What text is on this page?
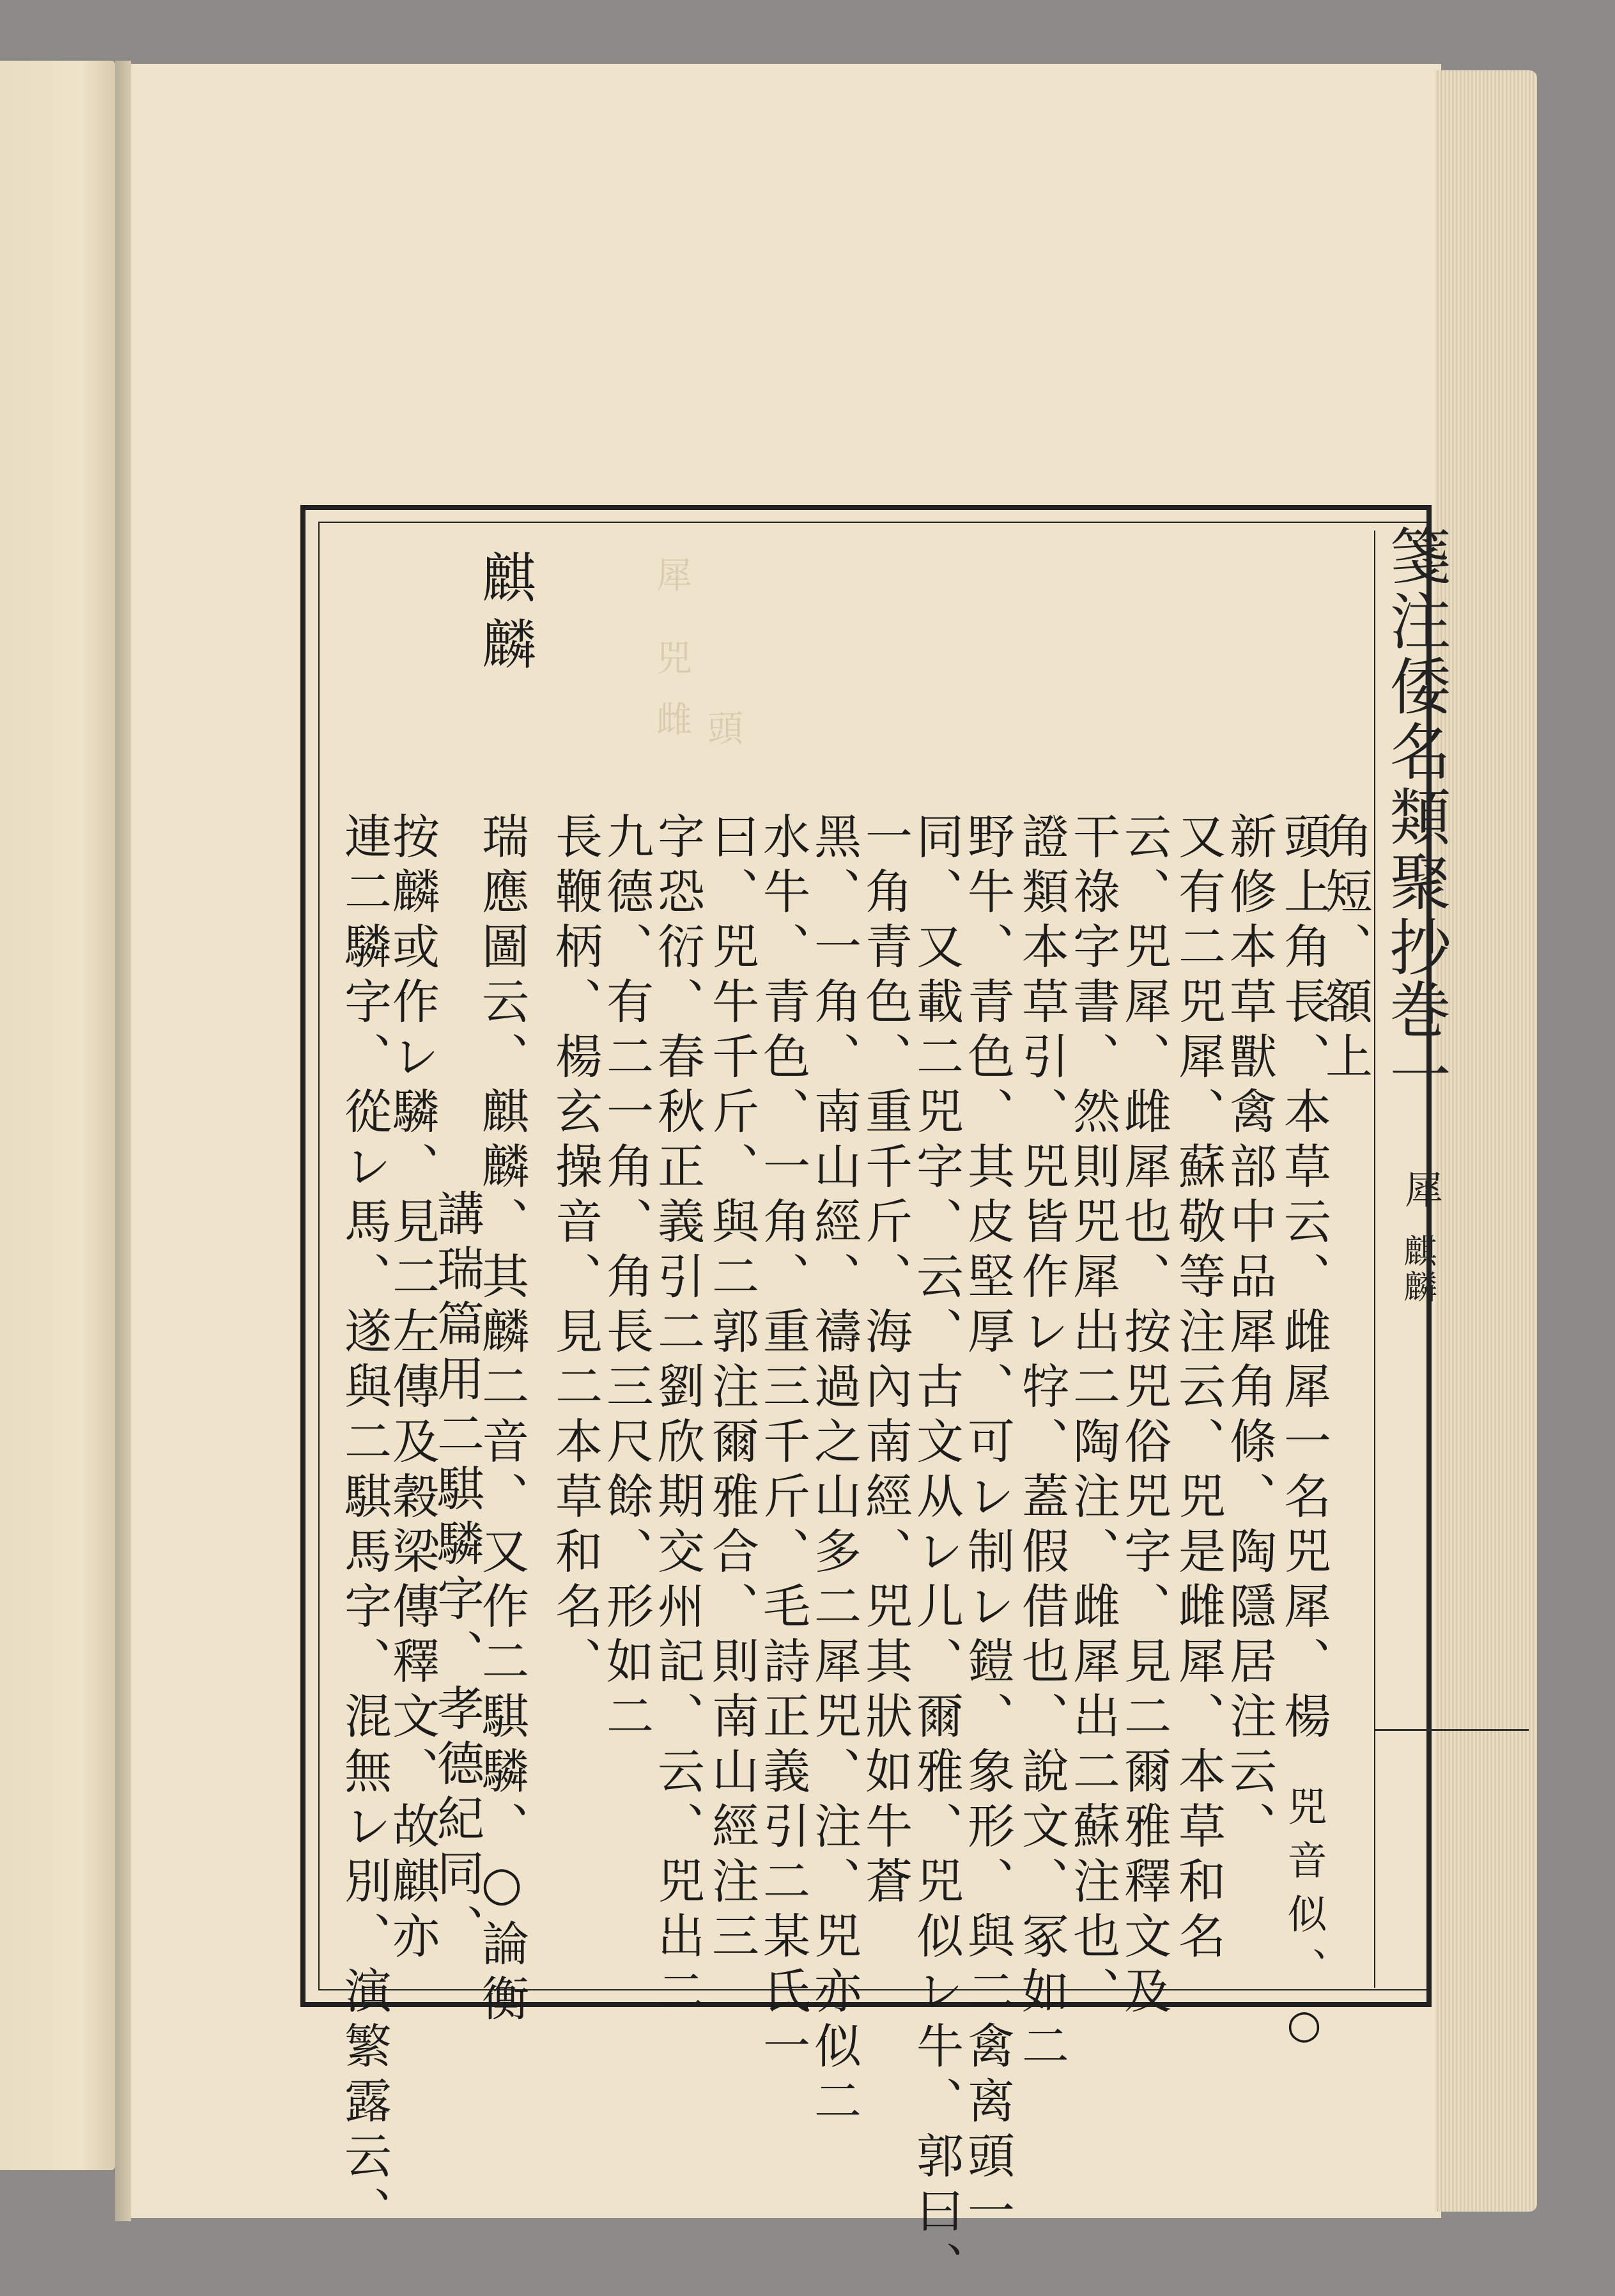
箋注倭名類聚抄
巻一
犀
麒麟
犀
兕雌 頭
麒麟
角短、額上
頭上角長、本草云、雌犀一名兕犀、楊
　兕音似、○
新修本草獸禽部中品犀角條、陶隱居注云、
又有二兕犀、蘇敬等注云、兕是雌犀、本草和名
云、兕犀、雌犀也、按兕俗兕字、見二爾雅釋文及
干祿字書、然則兕犀出二陶注、雌犀出二蘇注也、
證類本草引、兕皆作レ牸、蓋假借也、說文、冢如二
野牛、青色、其皮堅厚、可レ制レ鎧、象形、與二禽离頭一
同、又載二兕字、云、古文从レ儿、爾雅、兕似レ牛、郭曰、
一角青色、重千斤、海內南經、兕其狀如牛蒼
黑、一角、南山經、禱過之山多二犀兕、注、兕亦似二
水牛、青色、一角、重三千斤、毛詩正義引二某氏一
曰、兕牛千斤、與二郭注爾雅合、則南山經注三
字恐衍、春秋正義引二劉欣期交州記、云、兕出二
九德、有二一角、角長三尺餘、形如二
長鞭柄、楊玄操音、見二本草和名、
瑞應圖云、麒麟、其麟二音、又作二騏驎、○論衡
講瑞篇用二騏驎字、孝德紀同、
按麟或作レ驎、見二左傳及穀梁傳釋文、故麒亦
連二驎字、從レ馬、遂與二騏馬字、混無レ別、演繁露云、
